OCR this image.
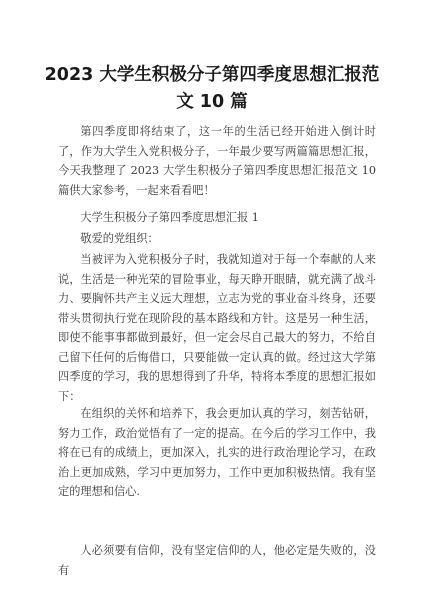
2023 大学生积极分子第四季度思想汇报范
文 10 篇

第四季度即将结束了，这一年的生活已经开始进入倒计时了，作为大学生入党积极分子，一年最少要写两篇篇思想汇报，今天我整理了 2023 大学生积极分子第四季度思想汇报范文 10 篇供大家参考，一起来看看吧！

大学生积极分子第四季度思想汇报 1

敬爱的党组织：

当被评为入党积极分子时，我就知道对于每一个奉献的人来说，生活是一种光荣的冒险事业，每天睁开眼睛，就充满了战斗力、要胸怀共产主义远大理想，立志为党的事业奋斗终身，还要带头贯彻执行党在现阶段的基本路线和方针。这是另一种生活，即使不能事事都做到最好，但一定会尽自己最大的努力，不给自己留下任何的后悔借口，只要能做一定认真的做。经过这大学第四季度的学习，我的思想得到了升华，特将本季度的思想汇报如下：

在组织的关怀和培养下，我会更加认真的学习，刻苦钻研，努力工作，政治觉悟有了一定的提高。在今后的学习工作中，我将在已有的成绩上，更加深入，扎实的进行政治理论学习，在政治上更加成熟，学习中更加努力，工作中更加积极热情。我有坚定的理想和信心.

人必须要有信仰，没有坚定信仰的人，他必定是失败的，没有
